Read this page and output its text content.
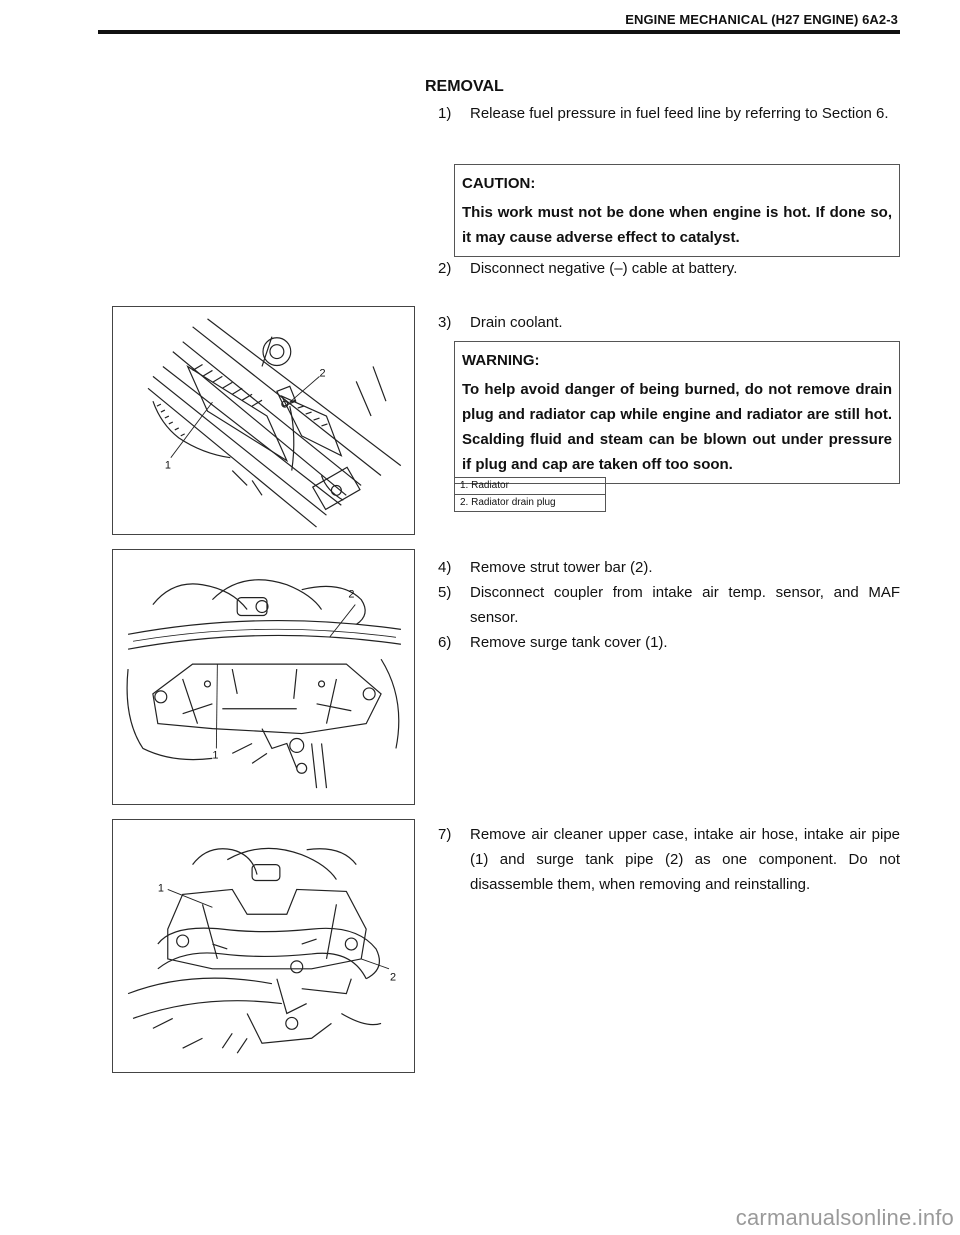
ENGINE MECHANICAL (H27 ENGINE) 6A2-3
REMOVAL
1)	Release fuel pressure in fuel feed line by referring to Section 6.
CAUTION:
This work must not be done when engine is hot. If done so, it may cause adverse effect to catalyst.
2)	Disconnect negative (–) cable at battery.
1
2
3)	Drain coolant.
WARNING:
To help avoid danger of being burned, do not remove drain plug and radiator cap while engine and radiator are still hot. Scalding fluid and steam can be blown out under pressure if plug and cap are taken off too soon.
1. Radiator
2. Radiator drain plug
1
2
4)	Remove strut tower bar (2).
5)	Disconnect coupler from intake air temp. sensor, and MAF sensor.
6)	Remove surge tank cover (1).
1
2
7)	Remove air cleaner upper case, intake air hose, intake air pipe (1) and surge tank pipe (2) as one component. Do not disassemble them, when removing and reinstalling.
carmanualsonline.info
